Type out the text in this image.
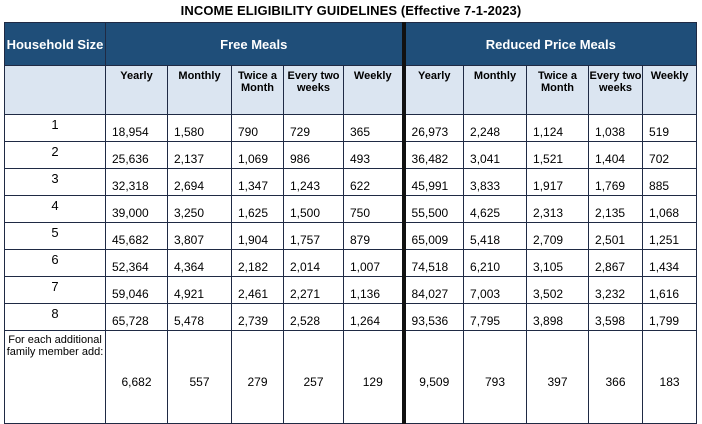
INCOME ELIGIBILITY GUIDELINES (Effective 7-1-2023)
Household Size	Free Meals					Reduced Price Meals				
	Yearly	Monthly	Twice a Month	Every two weeks	Weekly	Yearly	Monthly	Twice a Month	Every two weeks	Weekly
1	18,954	1,580	790	729	365	26,973	2,248	1,124	1,038	519
2	25,636	2,137	1,069	986	493	36,482	3,041	1,521	1,404	702
3	32,318	2,694	1,347	1,243	622	45,991	3,833	1,917	1,769	885
4	39,000	3,250	1,625	1,500	750	55,500	4,625	2,313	2,135	1,068
5	45,682	3,807	1,904	1,757	879	65,009	5,418	2,709	2,501	1,251
6	52,364	4,364	2,182	2,014	1,007	74,518	6,210	3,105	2,867	1,434
7	59,046	4,921	2,461	2,271	1,136	84,027	7,003	3,502	3,232	1,616
8	65,728	5,478	2,739	2,528	1,264	93,536	7,795	3,898	3,598	1,799
For each additional family member add:	6,682	557	279	257	129	9,509	793	397	366	183
